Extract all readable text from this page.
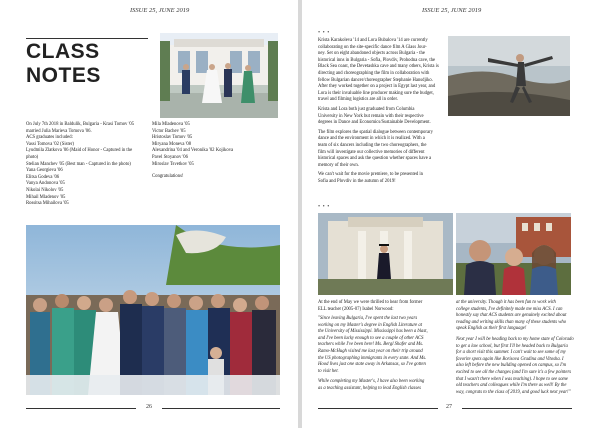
ISSUE 25, JUNE 2019
CLASS
NOTES
On July 7th 2018 in Baldulik, Bulgaria - Krasi Tomov '05
married Julia Marieva Tomova '06.
ACS graduates included:
Vassi Tomova '02 (Sister)
Lyudmila Zlatkova '06 (Maid of Honor - Captured in the
photo)
Stelian Manchev '05 (Best man - Captured in the photo)
Yana Georgieva '06
Elitsa Godeva '06
Vanya Andonova '05
Nikolai Nikolov '05
Mihail Mladenov '05
Rossitsa Mihailova '05
Mila Mladenova '05
Victor Bachev '05
Hristoslav Tomov '05
Miryana Moneva '08
Alexandrina '04 and Veronika '02 Kojikova
Pavel Stoyanov '06
Miroslav Tsvetkov '05
Congratulations!
26
ISSUE 25, JUNE 2019
• • •
Krista Karakoleva '14 and Lora Bubalova '14 are currently
collaborating on the site-specific dance film A Glass Jour-
ney. Set on eight abandoned objects across Bulgaria - the
historical inns in Bulgaria - Sofia, Plovdiv, Prohodna cave, the
Black Sea coast, the Devetashka cave and many others, Krista is
directing and choreographing the film in collaboration with
fellow Bulgarian dancer/choreographer Stephanie Hansdjiko.
After they worked together on a project in Egypt last year, and
Lora is their invaluable line producer making sure the budget,
travel and filming logistics are all in order.
Krista and Lora both just graduated from Columbia
University in New York but remain with their respective
degrees in Dance and Economics/Sustainable Development.
The film explores the spatial dialogue between contemporary
dance and the environment in which it is realized. With a
team of six dancers including the two choreographers, the
film will investigate our collective memories of different
historical spaces and ask the question whether spaces have a
memory of their own.
We can't wait for the movie premiere, to be presented in
Sofia and Plovdiv in the autumn of 2019!
• • •
At the end of May we were thrilled to hear from former
ELL teacher (2005-07) Isabel Norwood:
"Since leaving Bulgaria, I've spent the last two years
working on my Master's degree in English Literature at
the University of Mississippi. Mississippi has been a blast,
and I've been lucky enough to see a couple of other ACS
teachers while I've been here! Ms. Bergl Shafer and Ms.
Ramo-McHugh visited me last year on their trip around
the US photographing immigrants in every state. And Ms.
Hood lives just one state away in Arkansas, so I've gotten
to visit her.
While completing my Master's, I have also been working
as a teaching assistant, helping to lead English classes
at the university. Though it has been fun to work with
college students, I've definitely made me miss ACS. I can
honestly say that ACS students are genuinely excited about
reading and writing skills than many of these students who
speak English as their first language!
Next year I will be heading back to my home state of Colorado
to get a law school, but first I'll be headed back to Bulgaria
for a short visit this summer. I can't wait to see some of my
favorite spots again like Borisova Gradina and Vitosha. I
also left before the new building opened on campus, so I'm
excited to see all the changes (and I'm sure it's a few pointers
that I wasn't there when I was teaching). I hope to see some
old teachers and colleagues while I'm there as well! By the
way, congrats to the class of 2019, and good luck next year!"
27
